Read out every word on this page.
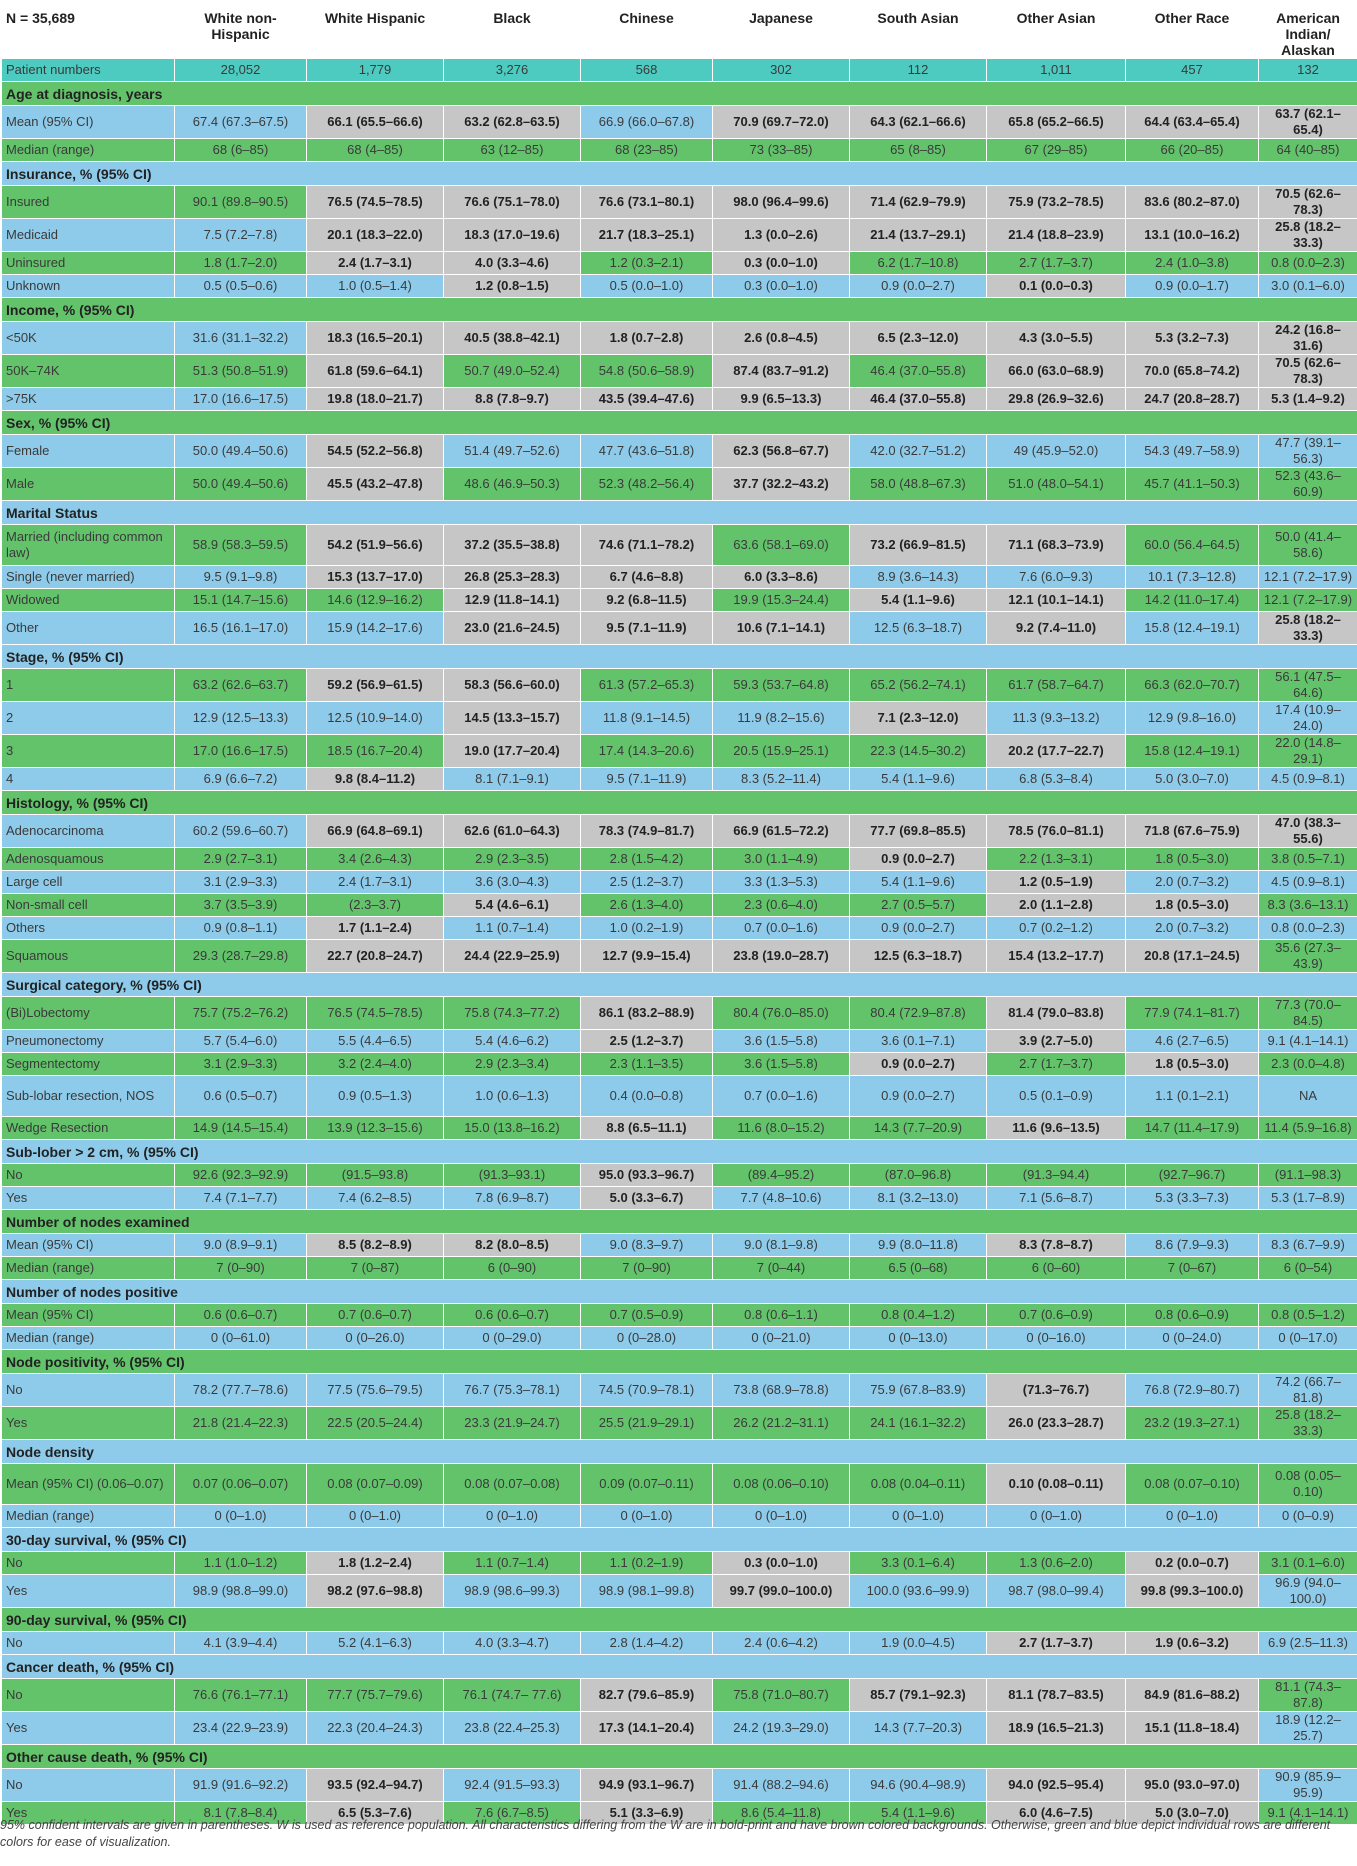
N = 35,689	White non-Hispanic	White Hispanic	Black	Chinese	Japanese	South Asian	Other Asian	Other Race	American Indian/ Alaskan
Patient numbers	28,052	1,779	3,276	568	302	112	1,011	457	132
Age at diagnosis, years									
Mean (95% CI)	67.4 (67.3–67.5)	66.1 (65.5–66.6)	63.2 (62.8–63.5)	66.9 (66.0–67.8)	70.9 (69.7–72.0)	64.3 (62.1–66.6)	65.8 (65.2–66.5)	64.4 (63.4–65.4)	63.7 (62.1–65.4)
Median (range)	68 (6–85)	68 (4–85)	63 (12–85)	68 (23–85)	73 (33–85)	65 (8–85)	67 (29–85)	66 (20–85)	64 (40–85)
Insurance, % (95% CI)									
Insured	90.1 (89.8–90.5)	76.5 (74.5–78.5)	76.6 (75.1–78.0)	76.6 (73.1–80.1)	98.0 (96.4–99.6)	71.4 (62.9–79.9)	75.9 (73.2–78.5)	83.6 (80.2–87.0)	70.5 (62.6–78.3)
Medicaid	7.5 (7.2–7.8)	20.1 (18.3–22.0)	18.3 (17.0–19.6)	21.7 (18.3–25.1)	1.3 (0.0–2.6)	21.4 (13.7–29.1)	21.4 (18.8–23.9)	13.1 (10.0–16.2)	25.8 (18.2–33.3)
Uninsured	1.8 (1.7–2.0)	2.4 (1.7–3.1)	4.0 (3.3–4.6)	1.2 (0.3–2.1)	0.3 (0.0–1.0)	6.2 (1.7–10.8)	2.7 (1.7–3.7)	2.4 (1.0–3.8)	0.8 (0.0–2.3)
Unknown	0.5 (0.5–0.6)	1.0 (0.5–1.4)	1.2 (0.8–1.5)	0.5 (0.0–1.0)	0.3 (0.0–1.0)	0.9 (0.0–2.7)	0.1 (0.0–0.3)	0.9 (0.0–1.7)	3.0 (0.1–6.0)
Income, % (95% CI)									
<50K	31.6 (31.1–32.2)	18.3 (16.5–20.1)	40.5 (38.8–42.1)	1.8 (0.7–2.8)	2.6 (0.8–4.5)	6.5 (2.3–12.0)	4.3 (3.0–5.5)	5.3 (3.2–7.3)	24.2 (16.8–31.6)
50K–74K	51.3 (50.8–51.9)	61.8 (59.6–64.1)	50.7 (49.0–52.4)	54.8 (50.6–58.9)	87.4 (83.7–91.2)	46.4 (37.0–55.8)	66.0 (63.0–68.9)	70.0 (65.8–74.2)	70.5 (62.6–78.3)
>75K	17.0 (16.6–17.5)	19.8 (18.0–21.7)	8.8 (7.8–9.7)	43.5 (39.4–47.6)	9.9 (6.5–13.3)	46.4 (37.0–55.8)	29.8 (26.9–32.6)	24.7 (20.8–28.7)	5.3 (1.4–9.2)
Sex, % (95% CI)									
Female	50.0 (49.4–50.6)	54.5 (52.2–56.8)	51.4 (49.7–52.6)	47.7 (43.6–51.8)	62.3 (56.8–67.7)	42.0 (32.7–51.2)	49 (45.9–52.0)	54.3 (49.7–58.9)	47.7 (39.1–56.3)
Male	50.0 (49.4–50.6)	45.5 (43.2–47.8)	48.6 (46.9–50.3)	52.3 (48.2–56.4)	37.7 (32.2–43.2)	58.0 (48.8–67.3)	51.0 (48.0–54.1)	45.7 (41.1–50.3)	52.3 (43.6–60.9)
Marital Status									
Married (including common law)	58.9 (58.3–59.5)	54.2 (51.9–56.6)	37.2 (35.5–38.8)	74.6 (71.1–78.2)	63.6 (58.1–69.0)	73.2 (66.9–81.5)	71.1 (68.3–73.9)	60.0 (56.4–64.5)	50.0 (41.4–58.6)
Single (never married)	9.5 (9.1–9.8)	15.3 (13.7–17.0)	26.8 (25.3–28.3)	6.7 (4.6–8.8)	6.0 (3.3–8.6)	8.9 (3.6–14.3)	7.6 (6.0–9.3)	10.1 (7.3–12.8)	12.1 (7.2–17.9)
Widowed	15.1 (14.7–15.6)	14.6 (12.9–16.2)	12.9 (11.8–14.1)	9.2 (6.8–11.5)	19.9 (15.3–24.4)	5.4 (1.1–9.6)	12.1 (10.1–14.1)	14.2 (11.0–17.4)	12.1 (7.2–17.9)
Other	16.5 (16.1–17.0)	15.9 (14.2–17.6)	23.0 (21.6–24.5)	9.5 (7.1–11.9)	10.6 (7.1–14.1)	12.5 (6.3–18.7)	9.2 (7.4–11.0)	15.8 (12.4–19.1)	25.8 (18.2–33.3)
Stage, % (95% CI)									
1	63.2 (62.6–63.7)	59.2 (56.9–61.5)	58.3 (56.6–60.0)	61.3 (57.2–65.3)	59.3 (53.7–64.8)	65.2 (56.2–74.1)	61.7 (58.7–64.7)	66.3 (62.0–70.7)	56.1 (47.5–64.6)
2	12.9 (12.5–13.3)	12.5 (10.9–14.0)	14.5 (13.3–15.7)	11.8 (9.1–14.5)	11.9 (8.2–15.6)	7.1 (2.3–12.0)	11.3 (9.3–13.2)	12.9 (9.8–16.0)	17.4 (10.9–24.0)
3	17.0 (16.6–17.5)	18.5 (16.7–20.4)	19.0 (17.7–20.4)	17.4 (14.3–20.6)	20.5 (15.9–25.1)	22.3 (14.5–30.2)	20.2 (17.7–22.7)	15.8 (12.4–19.1)	22.0 (14.8–29.1)
4	6.9 (6.6–7.2)	9.8 (8.4–11.2)	8.1 (7.1–9.1)	9.5 (7.1–11.9)	8.3 (5.2–11.4)	5.4 (1.1–9.6)	6.8 (5.3–8.4)	5.0 (3.0–7.0)	4.5 (0.9–8.1)
Histology, % (95% CI)									
Adenocarcinoma	60.2 (59.6–60.7)	66.9 (64.8–69.1)	62.6 (61.0–64.3)	78.3 (74.9–81.7)	66.9 (61.5–72.2)	77.7 (69.8–85.5)	78.5 (76.0–81.1)	71.8 (67.6–75.9)	47.0 (38.3–55.6)
Adenosquamous	2.9 (2.7–3.1)	3.4 (2.6–4.3)	2.9 (2.3–3.5)	2.8 (1.5–4.2)	3.0 (1.1–4.9)	0.9 (0.0–2.7)	2.2 (1.3–3.1)	1.8 (0.5–3.0)	3.8 (0.5–7.1)
Large cell	3.1 (2.9–3.3)	2.4 (1.7–3.1)	3.6 (3.0–4.3)	2.5 (1.2–3.7)	3.3 (1.3–5.3)	5.4 (1.1–9.6)	1.2 (0.5–1.9)	2.0 (0.7–3.2)	4.5 (0.9–8.1)
Non-small cell	3.7 (3.5–3.9)	(2.3–3.7)	5.4 (4.6–6.1)	2.6 (1.3–4.0)	2.3 (0.6–4.0)	2.7 (0.5–5.7)	2.0 (1.1–2.8)	1.8 (0.5–3.0)	8.3 (3.6–13.1)
Others	0.9 (0.8–1.1)	1.7 (1.1–2.4)	1.1 (0.7–1.4)	1.0 (0.2–1.9)	0.7 (0.0–1.6)	0.9 (0.0–2.7)	0.7 (0.2–1.2)	2.0 (0.7–3.2)	0.8 (0.0–2.3)
Squamous	29.3 (28.7–29.8)	22.7 (20.8–24.7)	24.4 (22.9–25.9)	12.7 (9.9–15.4)	23.8 (19.0–28.7)	12.5 (6.3–18.7)	15.4 (13.2–17.7)	20.8 (17.1–24.5)	35.6 (27.3–43.9)
Surgical category, % (95% CI)									
(Bi)Lobectomy	75.7 (75.2–76.2)	76.5 (74.5–78.5)	75.8 (74.3–77.2)	86.1 (83.2–88.9)	80.4 (76.0–85.0)	80.4 (72.9–87.8)	81.4 (79.0–83.8)	77.9 (74.1–81.7)	77.3 (70.0–84.5)
Pneumonectomy	5.7 (5.4–6.0)	5.5 (4.4–6.5)	5.4 (4.6–6.2)	2.5 (1.2–3.7)	3.6 (1.5–5.8)	3.6 (0.1–7.1)	3.9 (2.7–5.0)	4.6 (2.7–6.5)	9.1 (4.1–14.1)
Segmentectomy	3.1 (2.9–3.3)	3.2 (2.4–4.0)	2.9 (2.3–3.4)	2.3 (1.1–3.5)	3.6 (1.5–5.8)	0.9 (0.0–2.7)	2.7 (1.7–3.7)	1.8 (0.5–3.0)	2.3 (0.0–4.8)
Sub-lobar resection, NOS	0.6 (0.5–0.7)	0.9 (0.5–1.3)	1.0 (0.6–1.3)	0.4 (0.0–0.8)	0.7 (0.0–1.6)	0.9 (0.0–2.7)	0.5 (0.1–0.9)	1.1 (0.1–2.1)	NA
Wedge Resection	14.9 (14.5–15.4)	13.9 (12.3–15.6)	15.0 (13.8–16.2)	8.8 (6.5–11.1)	11.6 (8.0–15.2)	14.3 (7.7–20.9)	11.6 (9.6–13.5)	14.7 (11.4–17.9)	11.4 (5.9–16.8)
Sub-lober > 2 cm, % (95% CI)									
No	92.6 (92.3–92.9)	(91.5–93.8)	(91.3–93.1)	95.0 (93.3–96.7)	(89.4–95.2)	(87.0–96.8)	(91.3–94.4)	(92.7–96.7)	(91.1–98.3)
Yes	7.4 (7.1–7.7)	7.4 (6.2–8.5)	7.8 (6.9–8.7)	5.0 (3.3–6.7)	7.7 (4.8–10.6)	8.1 (3.2–13.0)	7.1 (5.6–8.7)	5.3 (3.3–7.3)	5.3 (1.7–8.9)
Number of nodes examined									
Mean (95% CI)	9.0 (8.9–9.1)	8.5 (8.2–8.9)	8.2 (8.0–8.5)	9.0 (8.3–9.7)	9.0 (8.1–9.8)	9.9 (8.0–11.8)	8.3 (7.8–8.7)	8.6 (7.9–9.3)	8.3 (6.7–9.9)
Median (range)	7 (0–90)	7 (0–87)	6 (0–90)	7 (0–90)	7 (0–44)	6.5 (0–68)	6 (0–60)	7 (0–67)	6 (0–54)
Number of nodes positive									
Mean (95% CI)	0.6 (0.6–0.7)	0.7 (0.6–0.7)	0.6 (0.6–0.7)	0.7 (0.5–0.9)	0.8 (0.6–1.1)	0.8 (0.4–1.2)	0.7 (0.6–0.9)	0.8 (0.6–0.9)	0.8 (0.5–1.2)
Median (range)	0 (0–61.0)	0 (0–26.0)	0 (0–29.0)	0 (0–28.0)	0 (0–21.0)	0 (0–13.0)	0 (0–16.0)	0 (0–24.0)	0 (0–17.0)
Node positivity, % (95% CI)									
No	78.2 (77.7–78.6)	77.5 (75.6–79.5)	76.7 (75.3–78.1)	74.5 (70.9–78.1)	73.8 (68.9–78.8)	75.9 (67.8–83.9)	(71.3–76.7)	76.8 (72.9–80.7)	74.2 (66.7–81.8)
Yes	21.8 (21.4–22.3)	22.5 (20.5–24.4)	23.3 (21.9–24.7)	25.5 (21.9–29.1)	26.2 (21.2–31.1)	24.1 (16.1–32.2)	26.0 (23.3–28.7)	23.2 (19.3–27.1)	25.8 (18.2–33.3)
Node density									
Mean (95% CI) (0.06–0.07)	0.07 (0.06–0.07)	0.08 (0.07–0.09)	0.08 (0.07–0.08)	0.09 (0.07–0.11)	0.08 (0.06–0.10)	0.08 (0.04–0.11)	0.10 (0.08–0.11)	0.08 (0.07–0.10)	0.08 (0.05–0.10)
Median (range)	0 (0–1.0)	0 (0–1.0)	0 (0–1.0)	0 (0–1.0)	0 (0–1.0)	0 (0–1.0)	0 (0–1.0)	0 (0–1.0)	0 (0–0.9)
30-day survival, % (95% CI)									
No	1.1 (1.0–1.2)	1.8 (1.2–2.4)	1.1 (0.7–1.4)	1.1 (0.2–1.9)	0.3 (0.0–1.0)	3.3 (0.1–6.4)	1.3 (0.6–2.0)	0.2 (0.0–0.7)	3.1 (0.1–6.0)
Yes	98.9 (98.8–99.0)	98.2 (97.6–98.8)	98.9 (98.6–99.3)	98.9 (98.1–99.8)	99.7 (99.0–100.0)	100.0 (93.6–99.9)	98.7 (98.0–99.4)	99.8 (99.3–100.0)	96.9 (94.0–100.0)
90-day survival, % (95% CI)									
No	4.1 (3.9–4.4)	5.2 (4.1–6.3)	4.0 (3.3–4.7)	2.8 (1.4–4.2)	2.4 (0.6–4.2)	1.9 (0.0–4.5)	2.7 (1.7–3.7)	1.9 (0.6–3.2)	6.9 (2.5–11.3)
Cancer death, % (95% CI)									
No	76.6 (76.1–77.1)	77.7 (75.7–79.6)	76.1 (74.7– 77.6)	82.7 (79.6–85.9)	75.8 (71.0–80.7)	85.7 (79.1–92.3)	81.1 (78.7–83.5)	84.9 (81.6–88.2)	81.1 (74.3–87.8)
Yes	23.4 (22.9–23.9)	22.3 (20.4–24.3)	23.8 (22.4–25.3)	17.3 (14.1–20.4)	24.2 (19.3–29.0)	14.3 (7.7–20.3)	18.9 (16.5–21.3)	15.1 (11.8–18.4)	18.9 (12.2–25.7)
Other cause death, % (95% CI)									
No	91.9 (91.6–92.2)	93.5 (92.4–94.7)	92.4 (91.5–93.3)	94.9 (93.1–96.7)	91.4 (88.2–94.6)	94.6 (90.4–98.9)	94.0 (92.5–95.4)	95.0 (93.0–97.0)	90.9 (85.9–95.9)
Yes	8.1 (7.8–8.4)	6.5 (5.3–7.6)	7.6 (6.7–8.5)	5.1 (3.3–6.9)	8.6 (5.4–11.8)	5.4 (1.1–9.6)	6.0 (4.6–7.5)	5.0 (3.0–7.0)	9.1 (4.1–14.1)
95% confident intervals are given in parentheses. W is used as reference population. All characteristics differing from the W are in bold-print and have brown colored backgrounds. Otherwise, green and blue depict individual rows are different colors for ease of visualization.
